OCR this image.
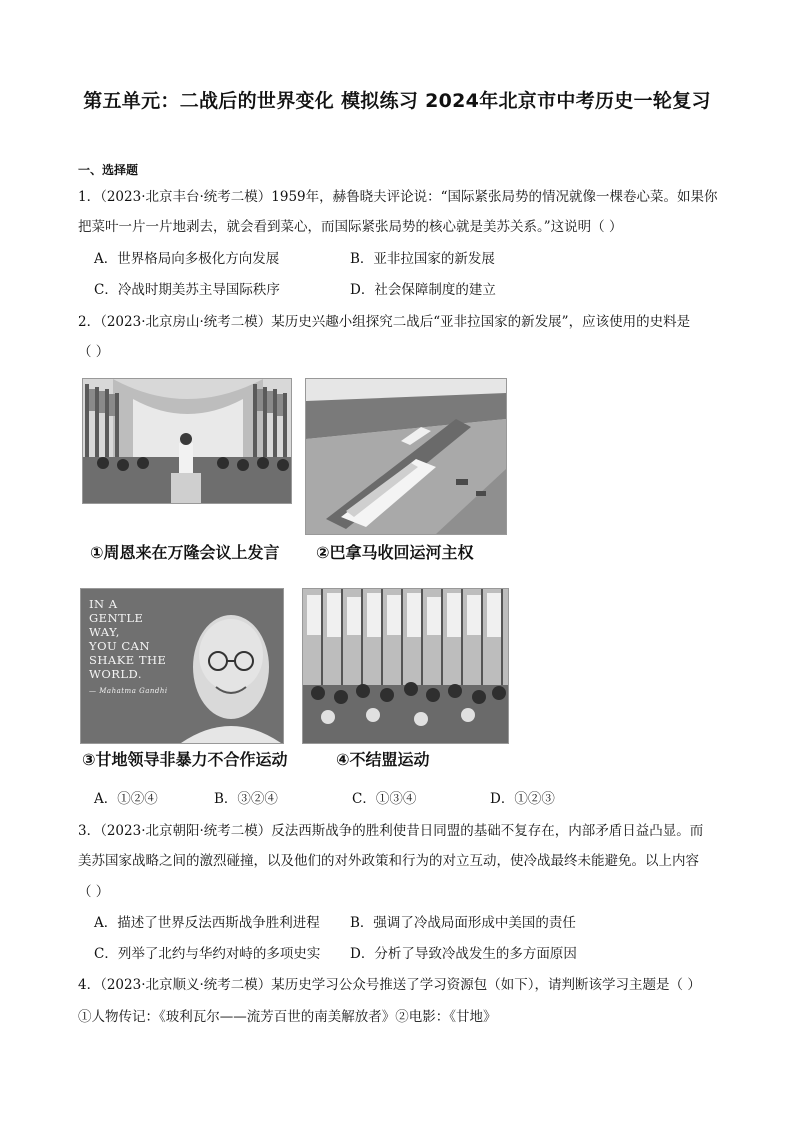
第五单元：二战后的世界变化 模拟练习 2024年北京市中考历史一轮复习
一、选择题
1．（2023·北京丰台·统考二模）1959年，赫鲁晓夫评论说：“国际紧张局势的情况就像一棵卷心菜。如果你
把菜叶一片一片地剥去，就会看到菜心，而国际紧张局势的核心就是美苏关系。”这说明（ ）
A．世界格局向多极化方向发展	B．亚非拉国家的新发展
C．冷战时期美苏主导国际秩序	D．社会保障制度的建立
2．（2023·北京房山·统考二模）某历史兴趣小组探究二战后“亚非拉国家的新发展”，应该使用的史料是
（ ）
①周恩来在万隆会议上发言 ②巴拿马收回运河主权
IN A
GENTLE
WAY,
YOU CAN
SHAKE THE
WORLD.
— Mahatma Gandhi
③甘地领导非暴力不合作运动	④不结盟运动
A．①②④	B．③②④	C．①③④	D．①②③
3．（2023·北京朝阳·统考二模）反法西斯战争的胜利使昔日同盟的基础不复存在，内部矛盾日益凸显。而
美苏国家战略之间的激烈碰撞，以及他们的对外政策和行为的对立互动，使冷战最终未能避免。以上内容
（ ）
A．描述了世界反法西斯战争胜利进程 B．强调了冷战局面形成中美国的责任
C．列举了北约与华约对峙的多项史实 D．分析了导致冷战发生的多方面原因
4．（2023·北京顺义·统考二模）某历史学习公众号推送了学习资源包（如下），请判断该学习主题是（ ）
①人物传记：《玻利瓦尔——流芳百世的南美解放者》②电影：《甘地》
